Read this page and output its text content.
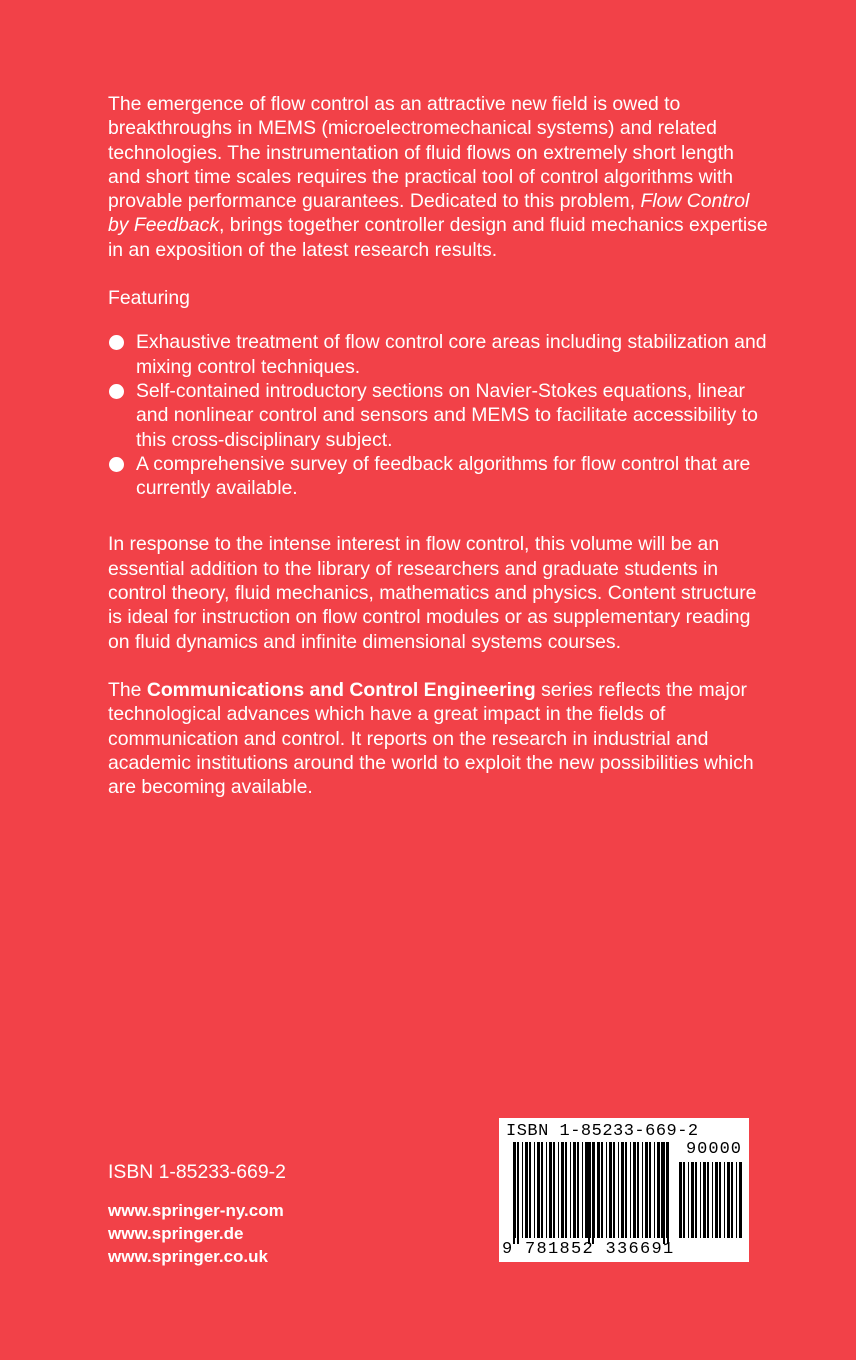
The emergence of flow control as an attractive new field is owed to breakthroughs in MEMS (microelectromechanical systems) and related technologies. The instrumentation of fluid flows on extremely short length and short time scales requires the practical tool of control algorithms with provable performance guarantees. Dedicated to this problem, Flow Control by Feedback, brings together controller design and fluid mechanics expertise in an exposition of the latest research results.

Featuring

Exhaustive treatment of flow control core areas including stabilization and mixing control techniques.
Self-contained introductory sections on Navier-Stokes equations, linear and nonlinear control and sensors and MEMS to facilitate accessibility to this cross-disciplinary subject.
A comprehensive survey of feedback algorithms for flow control that are currently available.

In response to the intense interest in flow control, this volume will be an essential addition to the library of researchers and graduate students in control theory, fluid mechanics, mathematics and physics. Content structure is ideal for instruction on flow control modules or as supplementary reading on fluid dynamics and infinite dimensional systems courses.

The Communications and Control Engineering series reflects the major technological advances which have a great impact in the fields of communication and control. It reports on the research in industrial and academic institutions around the world to exploit the new possibilities which are becoming available.

ISBN 1-85233-669-2
www.springer-ny.com
www.springer.de
www.springer.co.uk
ISBN 1-85233-669-2
90000
9 781852 336691
